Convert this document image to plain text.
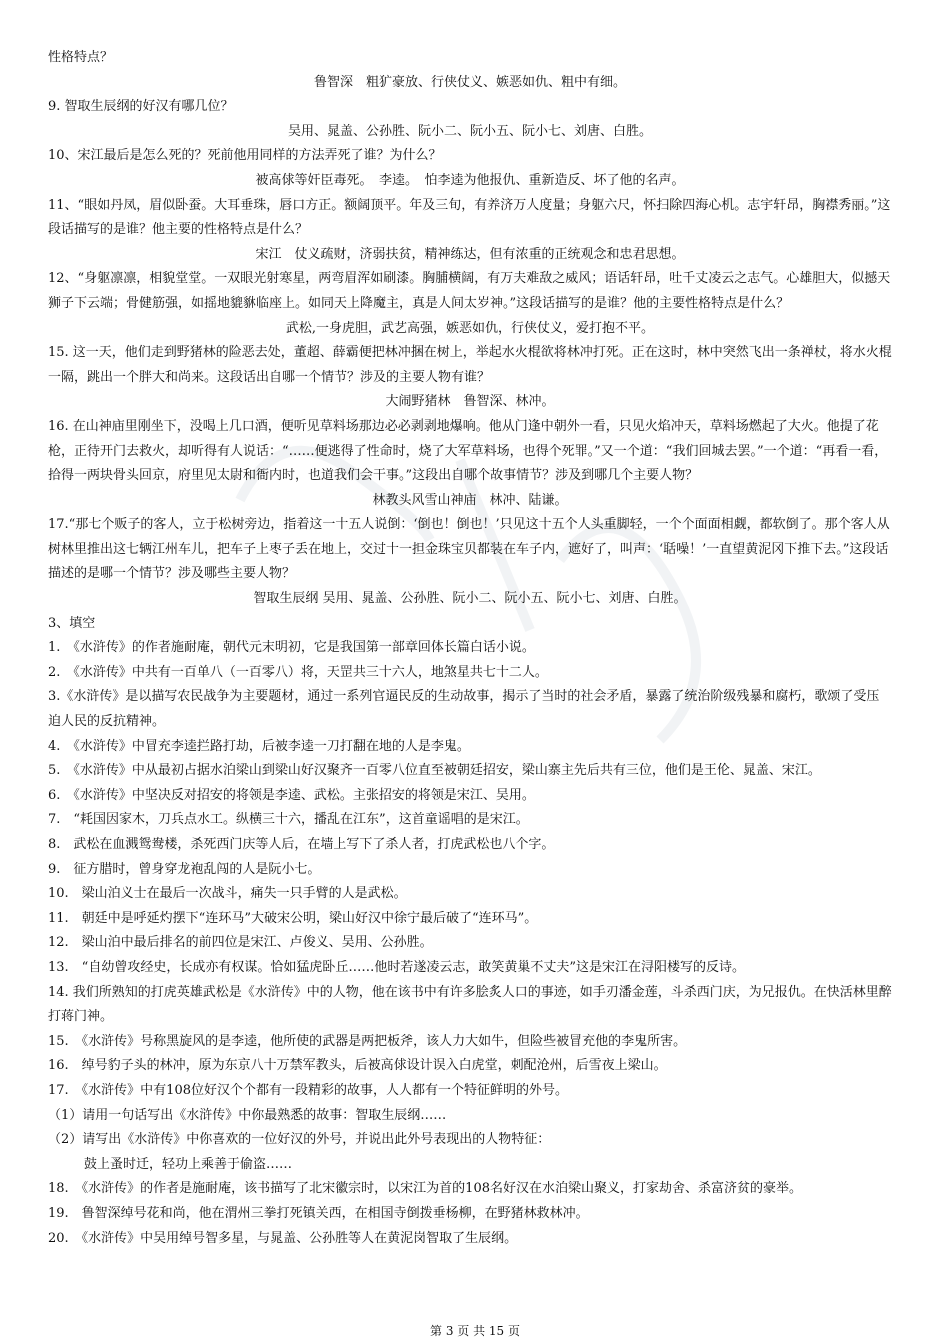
性格特点？
鲁智深　粗犷豪放、行侠仗义、嫉恶如仇、粗中有细。
9. 智取生辰纲的好汉有哪几位？
吴用、晁盖、公孙胜、阮小二、阮小五、阮小七、刘唐、白胜。
10、宋江最后是怎么死的？死前他用同样的方法弄死了谁？为什么？
被高俅等奸臣毒死。　李逵。　怕李逵为他报仇、重新造反、坏了他的名声。
11、“眼如丹凤，眉似卧蚕。大耳垂珠，唇口方正。额阔顶平。年及三旬，有养济万人度量；身躯六尺，怀扫除四海心机。志宇轩昂，胸襟秀丽。”这段话描写的是谁？他主要的性格特点是什么？
宋江　仗义疏财，济弱扶贫，精神练达，但有浓重的正统观念和忠君思想。
12、“身躯凛凛，相貌堂堂。一双眼光射寒星，两弯眉浑如刷漆。胸脯横阔，有万夫难敌之威风；语话轩昂，吐千丈凌云之志气。心雄胆大，似撼天狮子下云端；骨健筋强，如摇地貔貅临座上。如同天上降魔主，真是人间太岁神。”这段话描写的是谁？他的主要性格特点是什么？
武松,一身虎胆，武艺高强，嫉恶如仇，行侠仗义，爱打抱不平。
15. 这一天，他们走到野猪林的险恶去处，董超、薛霸便把林冲捆在树上，举起水火棍欲将林冲打死。正在这时，林中突然飞出一条禅杖，将水火棍一隔，跳出一个胖大和尚来。这段话出自哪一个情节？涉及的主要人物有谁？
大闹野猪林　鲁智深、林冲。
16. 在山神庙里刚坐下，没喝上几口酒，便听见草料场那边必必剥剥地爆响。他从门逢中朝外一看，只见火焰冲天，草料场燃起了大火。他提了花枪，正待开门去救火，却听得有人说话：“……便逃得了性命时，烧了大军草料场，也得个死罪。”又一个道：“我们回城去罢。”一个道：“再看一看，拾得一两块骨头回京，府里见太尉和衙内时，也道我们会干事。”这段出自哪个故事情节？涉及到哪几个主要人物？
林教头风雪山神庙　林冲、陆谦。
17.“那七个贩子的客人，立于松树旁边，指着这一十五人说倒：‘倒也！倒也！’只见这十五个人头重脚轻，一个个面面相觑，都软倒了。那个客人从树林里推出这七辆江州车儿，把车子上枣子丢在地上，交过十一担金珠宝贝都装在车子内，遮好了，叫声：‘聒噪！’一直望黄泥冈下推下去。”这段话描述的是哪一个情节？涉及哪些主要人物？
智取生辰纲 吴用、晁盖、公孙胜、阮小二、阮小五、阮小七、刘唐、白胜。
3、填空
1.　《水浒传》的作者施耐庵，朝代元末明初，它是我国第一部章回体长篇白话小说。
2.　《水浒传》中共有一百单八（一百零八）将，天罡共三十六人，地煞星共七十二人。
3.《水浒传》是以描写农民战争为主要题材，通过一系列官逼民反的生动故事，揭示了当时的社会矛盾，暴露了统治阶级残暴和腐朽，歌颂了受压迫人民的反抗精神。
4.　《水浒传》中冒充李逵拦路打劫，后被李逵一刀打翻在地的人是李鬼。
5.　《水浒传》中从最初占据水泊梁山到梁山好汉聚齐一百零八位直至被朝廷招安，梁山寨主先后共有三位，他们是王伦、晁盖、宋江。
6.　《水浒传》中坚决反对招安的将领是李逵、武松。主张招安的将领是宋江、吴用。
7.　“耗国因家木，刀兵点水工。纵横三十六，播乱在江东”，这首童谣唱的是宋江。
8.　武松在血溅鸳鸯楼，杀死西门庆等人后，在墙上写下了杀人者，打虎武松也八个字。
9.　征方腊时，曾身穿龙袍乱闯的人是阮小七。
10.　梁山泊义士在最后一次战斗，痛失一只手臂的人是武松。
11.　朝廷中是呼延灼摆下“连环马”大破宋公明，梁山好汉中徐宁最后破了“连环马”。
12.　梁山泊中最后排名的前四位是宋江、卢俊义、吴用、公孙胜。
13.　“自幼曾攻经史，长成亦有权谋。恰如猛虎卧丘……他时若遂凌云志，敢笑黄巢不丈夫”这是宋江在浔阳楼写的反诗。
14. 我们所熟知的打虎英雄武松是《水浒传》中的人物，他在该书中有许多脍炙人口的事迹，如手刃潘金莲，斗杀西门庆，为兄报仇。在快活林里醉打蒋门神。
15.　《水浒传》号称黑旋风的是李逵，他所使的武器是两把板斧，该人力大如牛，但险些被冒充他的李鬼所害。
16.　绰号豹子头的林冲，原为东京八十万禁军教头，后被高俅设计误入白虎堂，刺配沧州，后雪夜上梁山。
17.　《水浒传》中有108位好汉个个都有一段精彩的故事，人人都有一个特征鲜明的外号。
（1）请用一句话写出《水浒传》中你最熟悉的故事：智取生辰纲……
（2）请写出《水浒传》中你喜欢的一位好汉的外号，并说出此外号表现出的人物特征：
鼓上蚤时迁，轻功上乘善于偷盗……
18.　《水浒传》的作者是施耐庵，该书描写了北宋徽宗时，以宋江为首的108名好汉在水泊梁山聚义，打家劫舍、杀富济贫的豪举。
19.　鲁智深绰号花和尚，他在渭州三拳打死镇关西，在相国寺倒拨垂杨柳，在野猪林救林冲。
20.　《水浒传》中吴用绰号智多星，与晁盖、公孙胜等人在黄泥岗智取了生辰纲。
第 3 页 共 15 页
